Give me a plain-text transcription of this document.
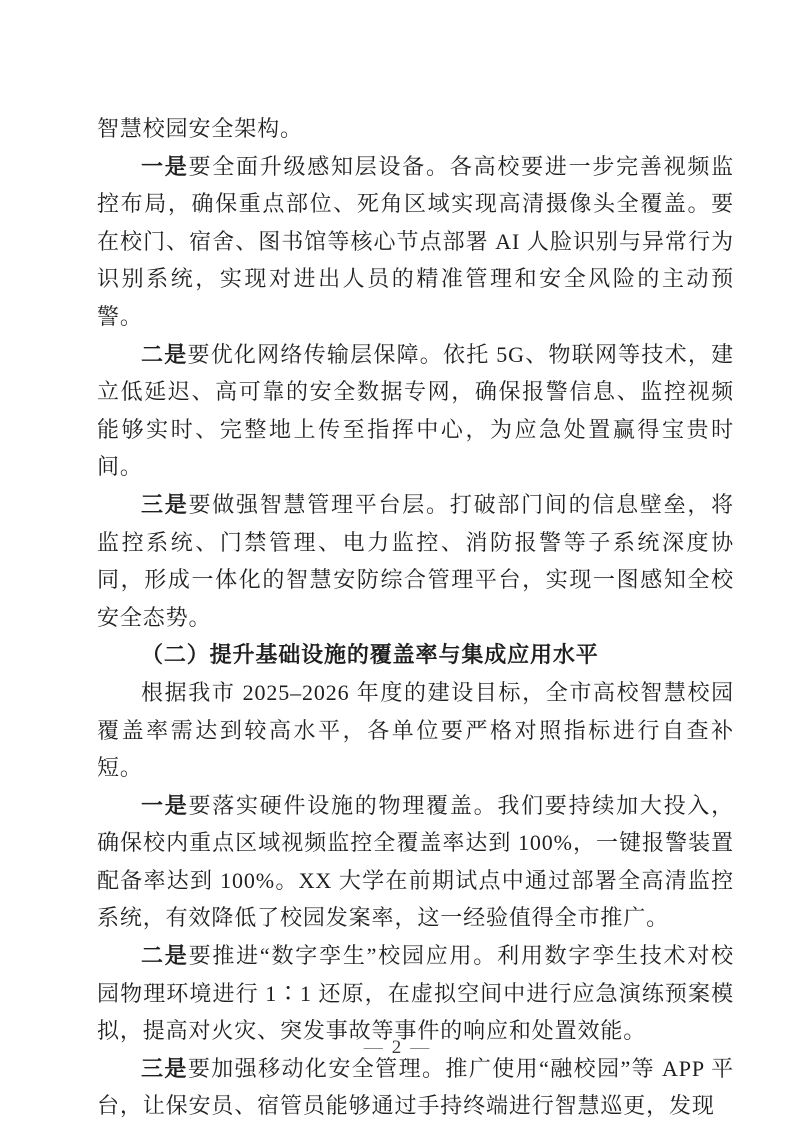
智慧校园安全架构。

一是要全面升级感知层设备。各高校要进一步完善视频监控布局，确保重点部位、死角区域实现高清摄像头全覆盖。要在校门、宿舍、图书馆等核心节点部署 AI 人脸识别与异常行为识别系统，实现对进出人员的精准管理和安全风险的主动预警。

二是要优化网络传输层保障。依托 5G、物联网等技术，建立低延迟、高可靠的安全数据专网，确保报警信息、监控视频能够实时、完整地上传至指挥中心，为应急处置赢得宝贵时间。

三是要做强智慧管理平台层。打破部门间的信息壁垒，将监控系统、门禁管理、电力监控、消防报警等子系统深度协同，形成一体化的智慧安防综合管理平台，实现一图感知全校安全态势。

（二）提升基础设施的覆盖率与集成应用水平

根据我市 2025–2026 年度的建设目标，全市高校智慧校园覆盖率需达到较高水平，各单位要严格对照指标进行自查补短。

一是要落实硬件设施的物理覆盖。我们要持续加大投入，确保校内重点区域视频监控全覆盖率达到 100%，一键报警装置配备率达到 100%。XX 大学在前期试点中通过部署全高清监控系统，有效降低了校园发案率，这一经验值得全市推广。

二是要推进“数字孪生”校园应用。利用数字孪生技术对校园物理环境进行 1∶1 还原，在虚拟空间中进行应急演练预案模拟，提高对火灾、突发事故等事件的响应和处置效能。

三是要加强移动化安全管理。推广使用“融校园”等 APP 平台，让保安员、宿管员能够通过手持终端进行智慧巡更，发现

— 2 —
